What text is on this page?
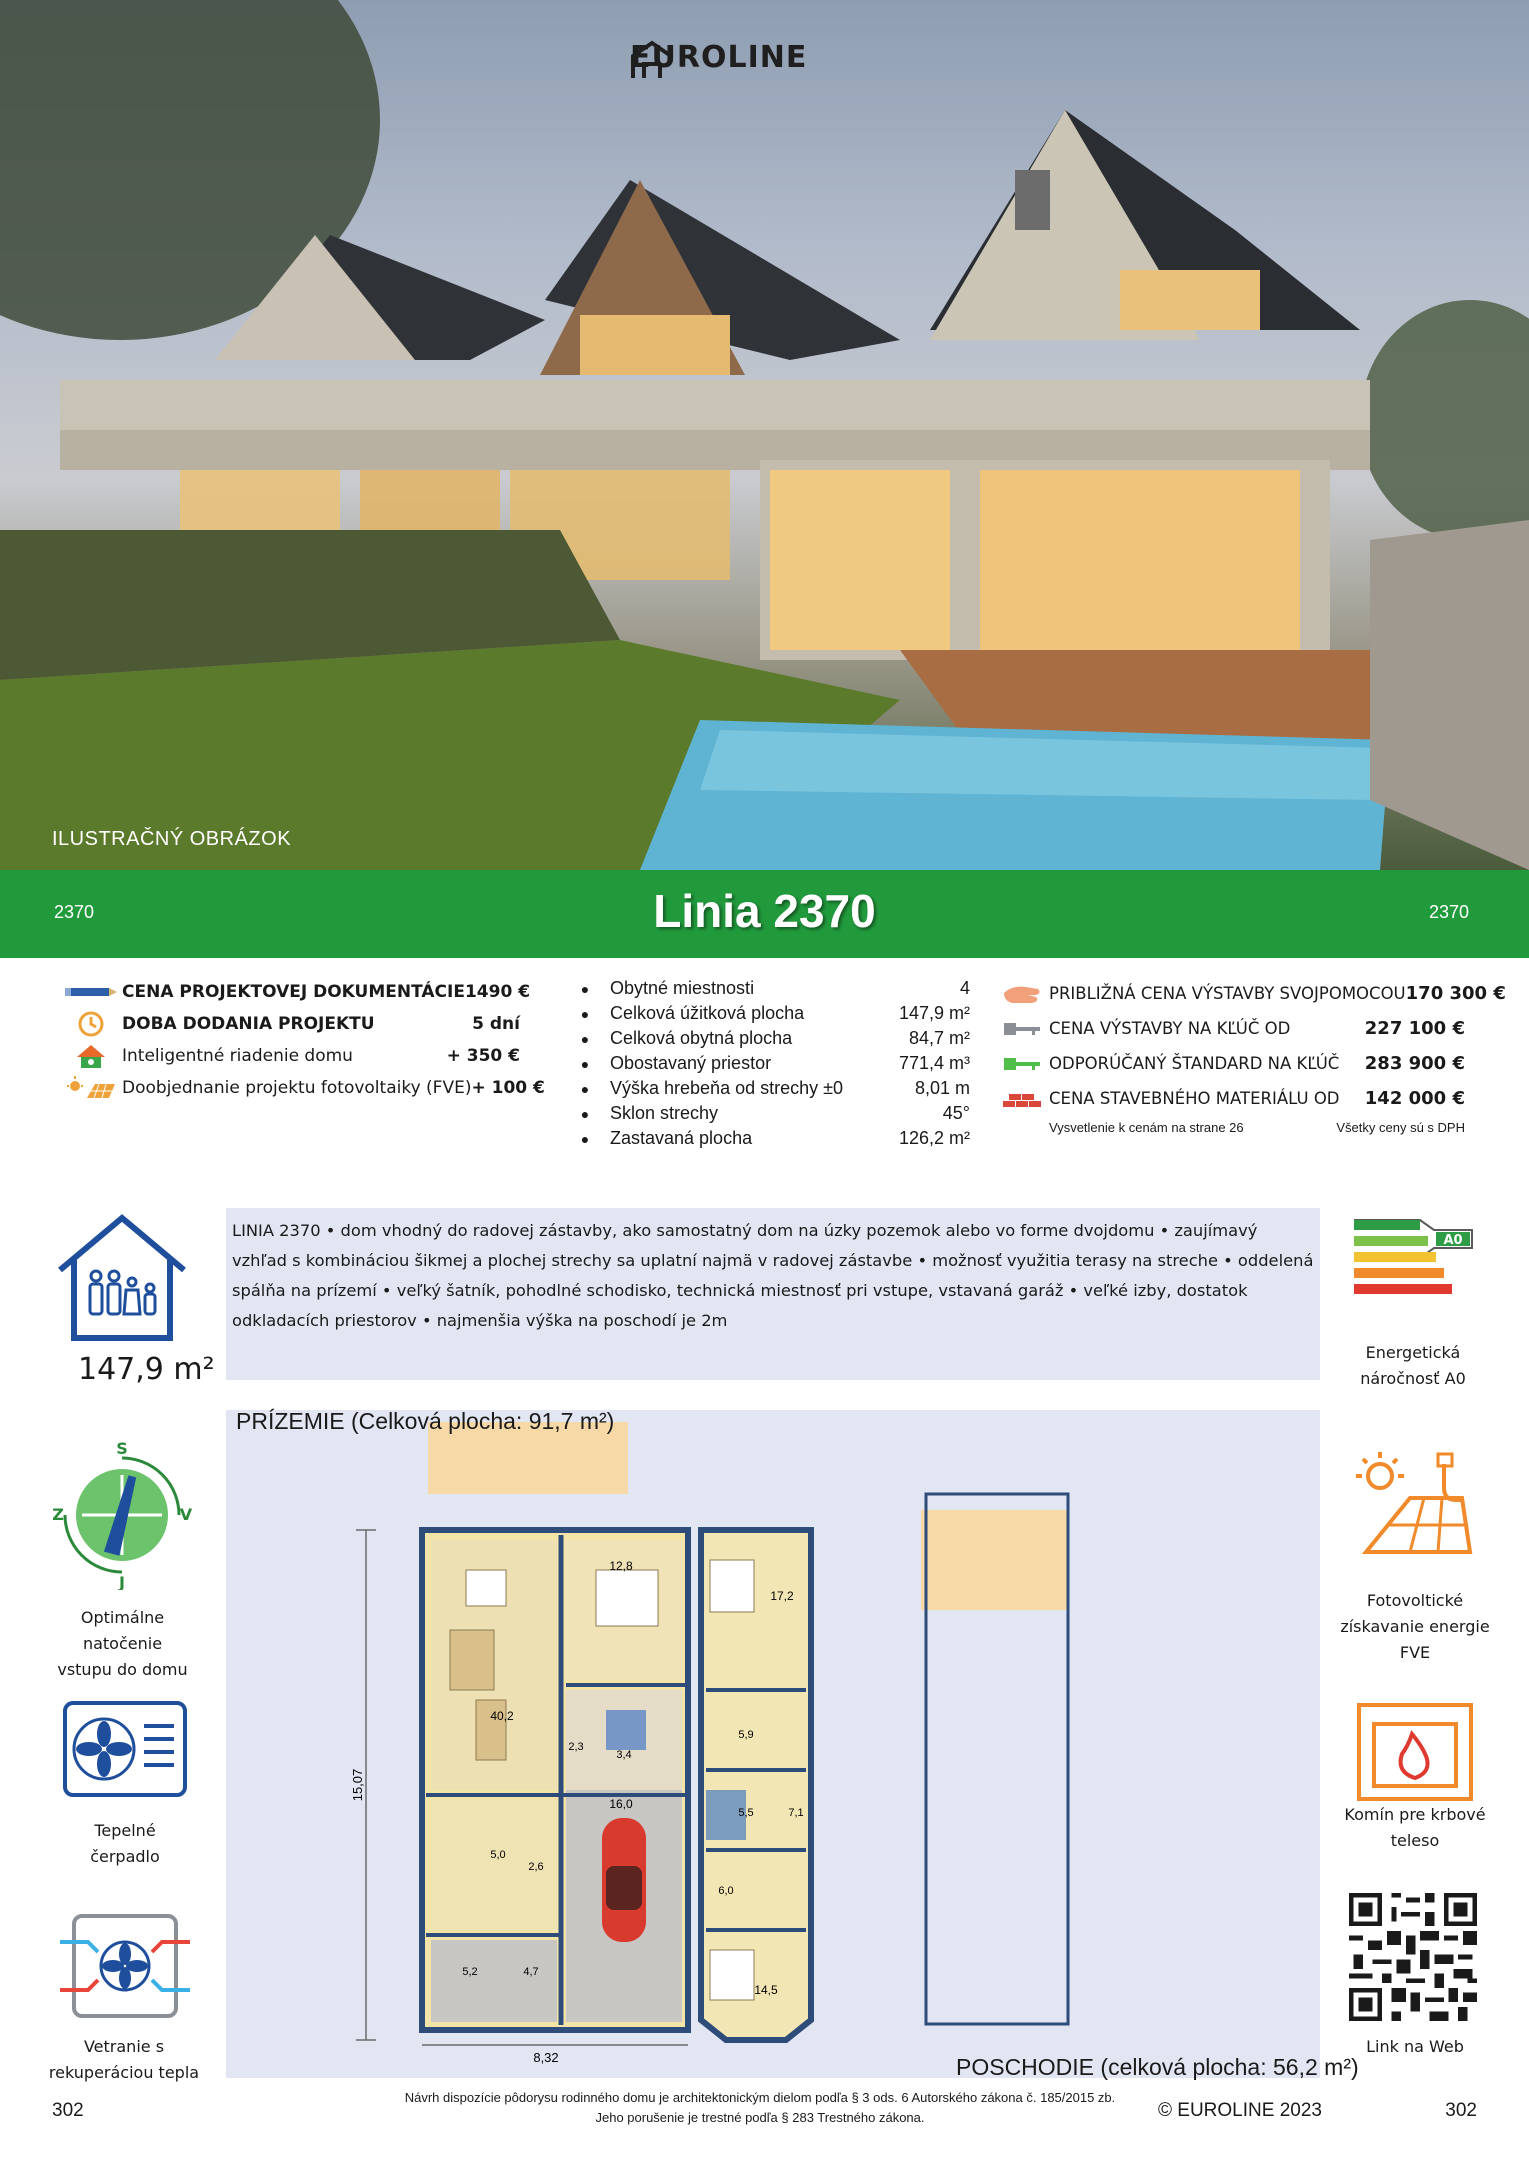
EUROLINE
ILUSTRAČNÝ OBRÁZOK
2370	Linia 2370	2370
CENA PROJEKTOVEJ DOKUMENTÁCIE 1490 €
DOBA DODANIA PROJEKTU	5 dní
Inteligentné riadenie domu	+ 350 €
Doobjednanie projektu fotovoltaiky (FVE) + 100 €
●	Obytné miestnosti	4
●	Celková úžitková plocha	147,9 m²
●	Celková obytná plocha	84,7 m²
●	Obostavaný priestor	771,4 m³
●	Výška hrebeňa od strechy ±0	8,01 m
●	Sklon strechy	45°
●	Zastavaná plocha	126,2 m²
PRIBLIŽNÁ CENA VÝSTAVBY SVOJPOMOCOU 170 300 €
CENA VÝSTAVBY NA KĽÚČ OD	227 100 €
ODPORÚČANÝ ŠTANDARD NA KĽÚČ	283 900 €
CENA STAVEBNÉHO MATERIÁLU OD	142 000 €
Vysvetlenie k cenám na strane 26	Všetky ceny sú s DPH
LINIA 2370 • dom vhodný do radovej zástavby, ako samostatný dom na úzky pozemok alebo vo forme dvojdomu • zaujímavý vzhľad s kombináciou šikmej a plochej strechy sa uplatní najmä v radovej zástavbe • možnosť využitia terasy na streche • oddelená spálňa na prízemí • veľký šatník, pohodlné schodisko, technická miestnosť pri vstupe, vstavaná garáž • veľké izby, dostatok odkladacích priestorov • najmenšia výška na poschodí je 2m
147,9 m²
S
Z	V
J
Optimálne natočenie
vstupu do domu
Tepelné
čerpadlo
Vetranie s
rekuperáciou tepla
A0
Energetická
náročnosť A0
Fotovoltické
získavanie energie
FVE
Komín pre krbové
teleso
Link na Web
15,07
8,32
40,2
12,8
2,3
3,4
16,0
5,0
2,6
5,2	4,7
17,2
5,9
5,5	7,1
6,0
14,5
PRÍZEMIE (Celková plocha: 91,7 m²)
POSCHODIE (celková plocha: 56,2 m²)
Návrh dispozície pôdorysu rodinného domu je architektonickým dielom podľa § 3 ods. 6 Autorského zákona č. 185/2015 zb.
Jeho porušenie je trestné podľa § 283 Trestného zákona.
302	© EUROLINE 2023	302
